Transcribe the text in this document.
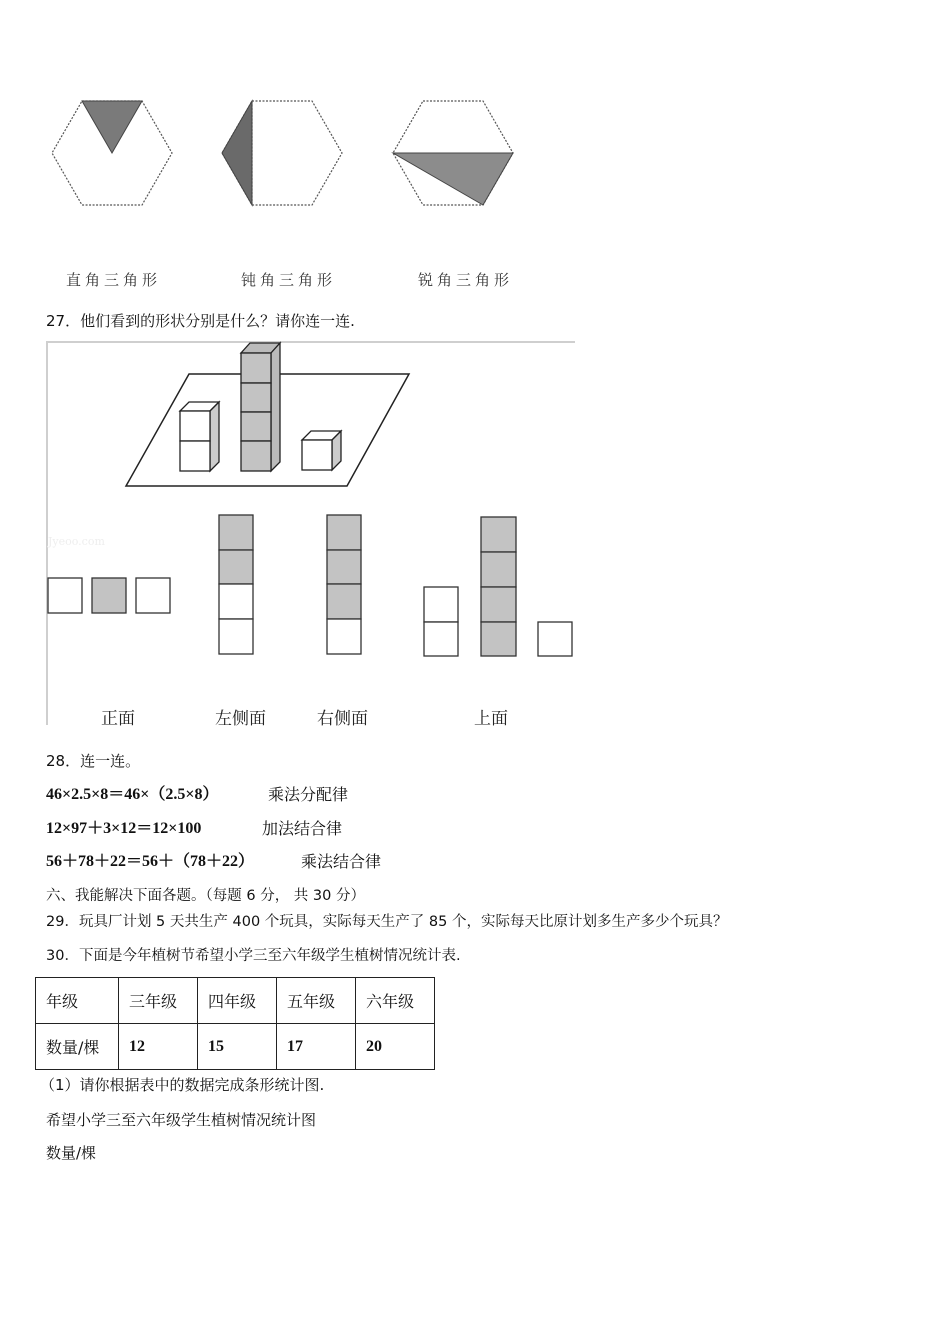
直角三角形	钝角三角形	锐角三角形
27．他们看到的形状分别是什么？请你连一连.
Jyeoo.com
正面	左侧面	右侧面	上面
28．连一连。
46×2.5×8＝46×（2.5×8）	乘法分配律
12×97＋3×12＝12×100	加法结合律
56＋78＋22＝56＋（78＋22）	乘法结合律
六、我能解决下面各题。（每题 6 分， 共 30 分）
29．玩具厂计划 5 天共生产 400 个玩具，实际每天生产了 85 个，实际每天比原计划多生产多少个玩具？
30．下面是今年植树节希望小学三至六年级学生植树情况统计表.
年级	三年级	四年级	五年级	六年级
数量/棵	12	15	17	20
（1）请你根据表中的数据完成条形统计图.
希望小学三至六年级学生植树情况统计图
数量/棵
